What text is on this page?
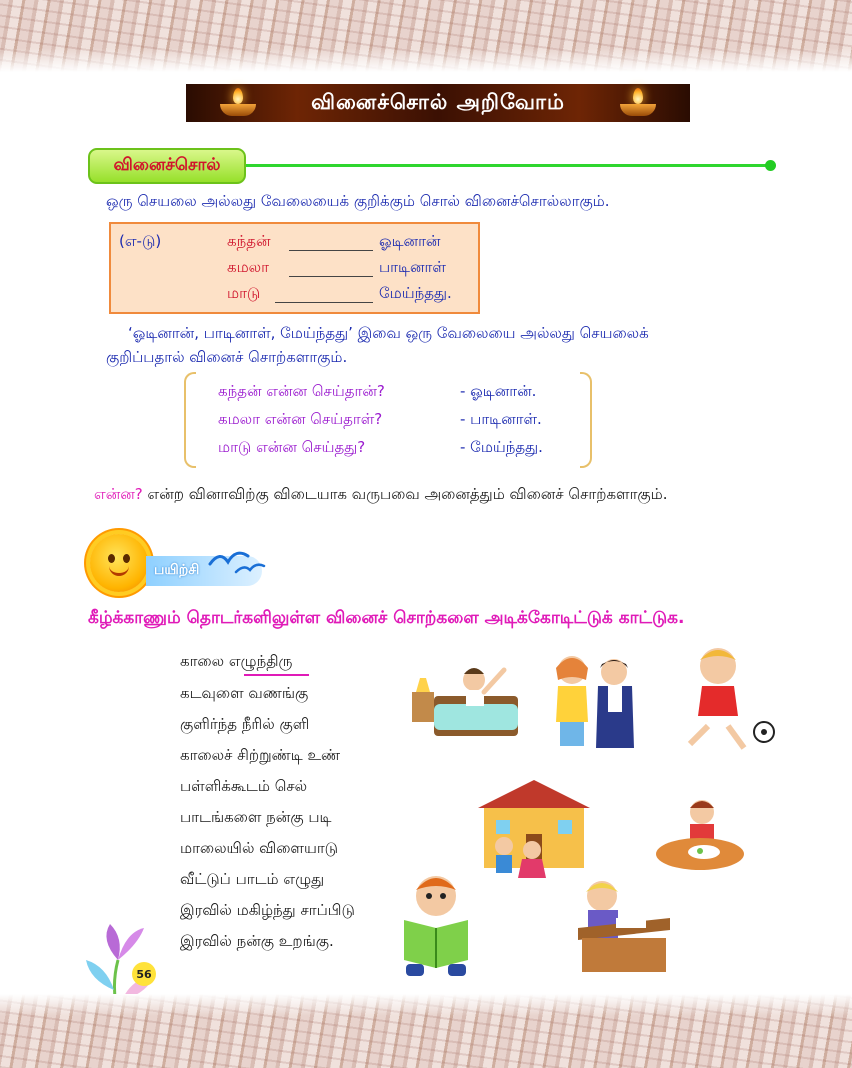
வினைச்சொல் அறிவோம்
வினைச்சொல்
ஒரு செயலை அல்லது வேலையைக் குறிக்கும் சொல் வினைச்சொல்லாகும்.
(எ-டு)	கந்தன்	ஓடினான்
கமலா	பாடினாள்
மாடு	மேய்ந்தது.
‘ஓடினான், பாடினாள், மேய்ந்தது’ இவை ஒரு வேலையை அல்லது செயலைக்
குறிப்பதால் வினைச் சொற்களாகும்.
கந்தன் என்ன செய்தான்?	- ஓடினான்.
கமலா என்ன செய்தாள்?	- பாடினாள்.
மாடு என்ன செய்தது?	- மேய்ந்தது.
என்ன? என்ற வினாவிற்கு விடையாக வருபவை அனைத்தும் வினைச் சொற்களாகும்.
பயிற்சி
கீழ்க்காணும் தொடர்களிலுள்ள வினைச் சொற்களை அடிக்கோடிட்டுக் காட்டுக.
காலை எழுந்திரு
கடவுளை வணங்கு
குளிர்ந்த நீரில் குளி
காலைச் சிற்றுண்டி உண்
பள்ளிக்கூடம் செல்
பாடங்களை நன்கு படி
மாலையில் விளையாடு
வீட்டுப் பாடம் எழுது
இரவில் மகிழ்ந்து சாப்பிடு
இரவில் நன்கு உறங்கு.
56
